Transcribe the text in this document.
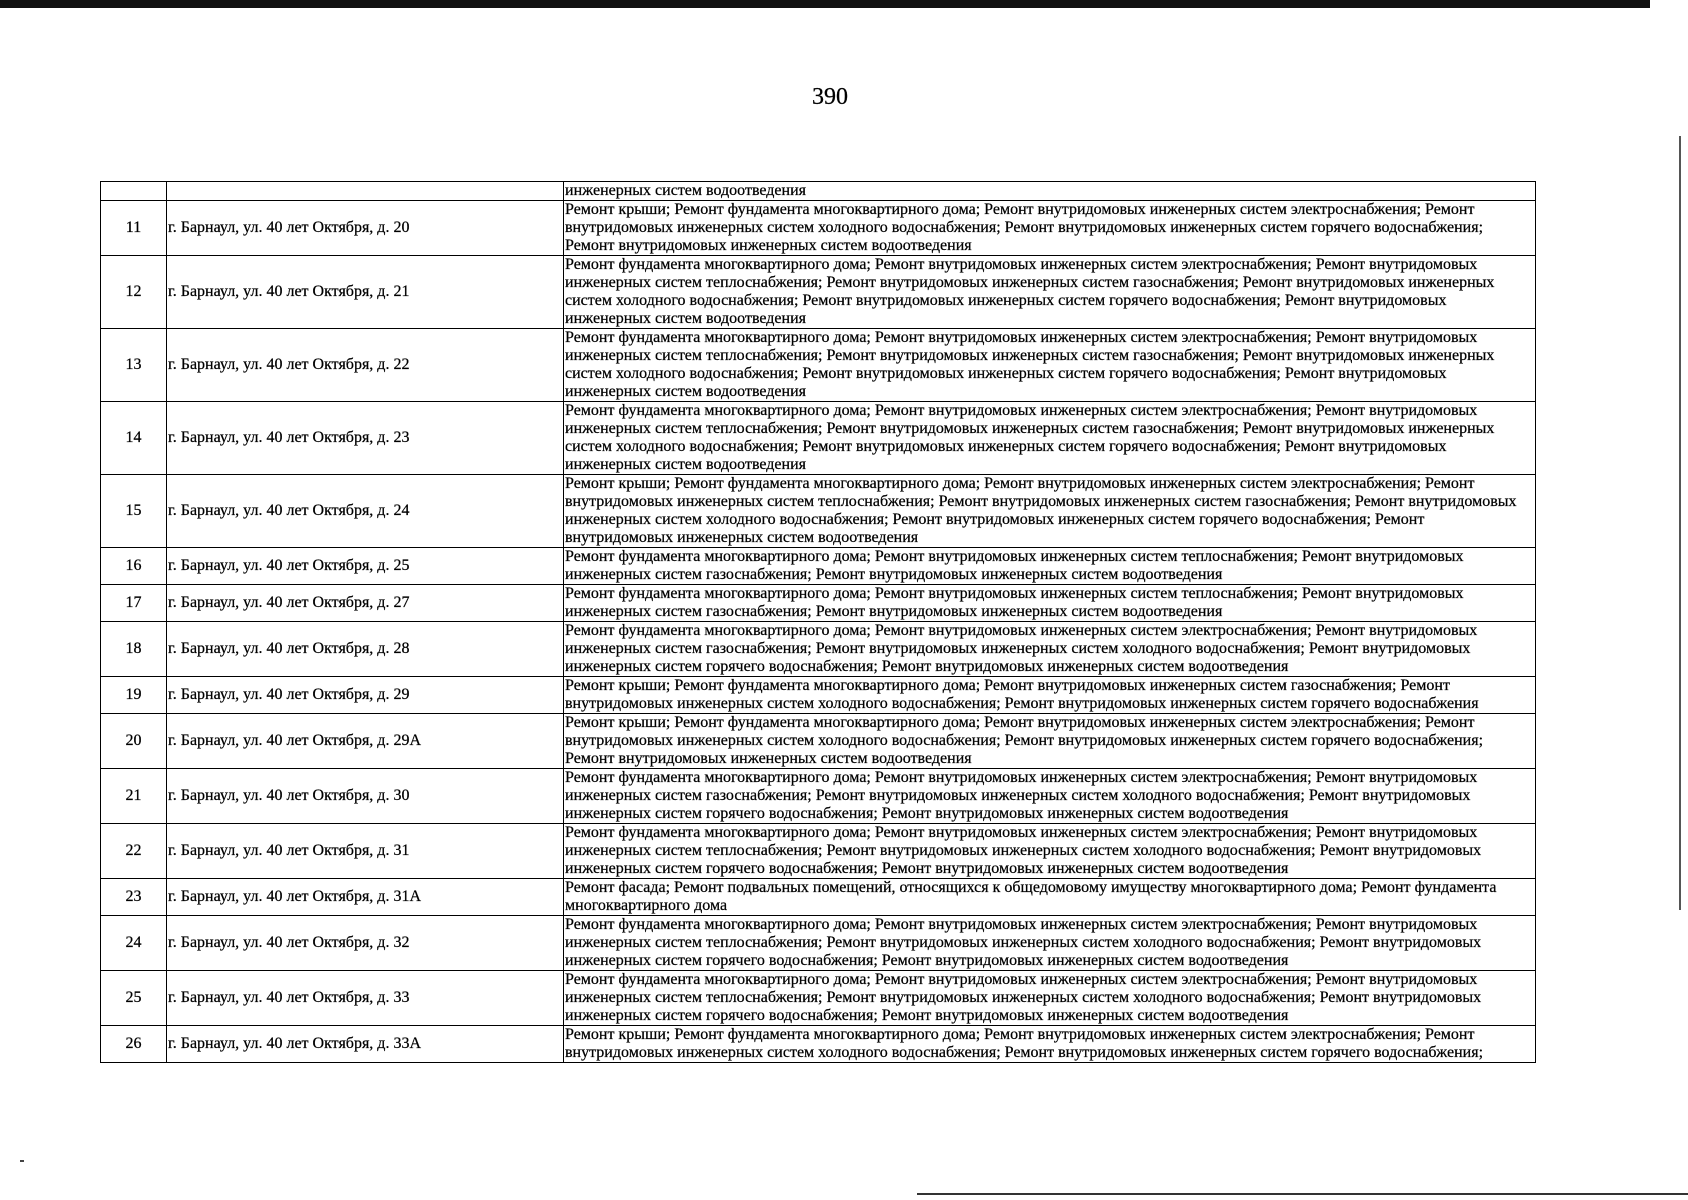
390

		инженерных систем водоотведения

11	г. Барнаул, ул. 40 лет Октября, д. 20	Ремонт крыши; Ремонт фундамента многоквартирного дома; Ремонт внутридомовых инженерных систем электроснабжения; Ремонт
внутридомовых инженерных систем холодного водоснабжения; Ремонт внутридомовых инженерных систем горячего водоснабжения;
Ремонт внутридомовых инженерных систем водоотведения

12	г. Барнаул, ул. 40 лет Октября, д. 21	Ремонт фундамента многоквартирного дома; Ремонт внутридомовых инженерных систем электроснабжения; Ремонт внутридомовых
инженерных систем теплоснабжения; Ремонт внутридомовых инженерных систем газоснабжения; Ремонт внутридомовых инженерных
систем холодного водоснабжения; Ремонт внутридомовых инженерных систем горячего водоснабжения; Ремонт внутридомовых
инженерных систем водоотведения

13	г. Барнаул, ул. 40 лет Октября, д. 22	Ремонт фундамента многоквартирного дома; Ремонт внутридомовых инженерных систем электроснабжения; Ремонт внутридомовых
инженерных систем теплоснабжения; Ремонт внутридомовых инженерных систем газоснабжения; Ремонт внутридомовых инженерных
систем холодного водоснабжения; Ремонт внутридомовых инженерных систем горячего водоснабжения; Ремонт внутридомовых
инженерных систем водоотведения

14	г. Барнаул, ул. 40 лет Октября, д. 23	Ремонт фундамента многоквартирного дома; Ремонт внутридомовых инженерных систем электроснабжения; Ремонт внутридомовых
инженерных систем теплоснабжения; Ремонт внутридомовых инженерных систем газоснабжения; Ремонт внутридомовых инженерных
систем холодного водоснабжения; Ремонт внутридомовых инженерных систем горячего водоснабжения; Ремонт внутридомовых
инженерных систем водоотведения

15	г. Барнаул, ул. 40 лет Октября, д. 24	Ремонт крыши; Ремонт фундамента многоквартирного дома; Ремонт внутридомовых инженерных систем электроснабжения; Ремонт
внутридомовых инженерных систем теплоснабжения; Ремонт внутридомовых инженерных систем газоснабжения; Ремонт внутридомовых
инженерных систем холодного водоснабжения; Ремонт внутридомовых инженерных систем горячего водоснабжения; Ремонт
внутридомовых инженерных систем водоотведения

16	г. Барнаул, ул. 40 лет Октября, д. 25	Ремонт фундамента многоквартирного дома; Ремонт внутридомовых инженерных систем теплоснабжения; Ремонт внутридомовых
инженерных систем газоснабжения; Ремонт внутридомовых инженерных систем водоотведения

17	г. Барнаул, ул. 40 лет Октября, д. 27	Ремонт фундамента многоквартирного дома; Ремонт внутридомовых инженерных систем теплоснабжения; Ремонт внутридомовых
инженерных систем газоснабжения; Ремонт внутридомовых инженерных систем водоотведения

18	г. Барнаул, ул. 40 лет Октября, д. 28	Ремонт фундамента многоквартирного дома; Ремонт внутридомовых инженерных систем электроснабжения; Ремонт внутридомовых
инженерных систем газоснабжения; Ремонт внутридомовых инженерных систем холодного водоснабжения; Ремонт внутридомовых
инженерных систем горячего водоснабжения; Ремонт внутридомовых инженерных систем водоотведения

19	г. Барнаул, ул. 40 лет Октября, д. 29	Ремонт крыши; Ремонт фундамента многоквартирного дома; Ремонт внутридомовых инженерных систем газоснабжения; Ремонт
внутридомовых инженерных систем холодного водоснабжения; Ремонт внутридомовых инженерных систем горячего водоснабжения

20	г. Барнаул, ул. 40 лет Октября, д. 29А	Ремонт крыши; Ремонт фундамента многоквартирного дома; Ремонт внутридомовых инженерных систем электроснабжения; Ремонт
внутридомовых инженерных систем холодного водоснабжения; Ремонт внутридомовых инженерных систем горячего водоснабжения;
Ремонт внутридомовых инженерных систем водоотведения

21	г. Барнаул, ул. 40 лет Октября, д. 30	Ремонт фундамента многоквартирного дома; Ремонт внутридомовых инженерных систем электроснабжения; Ремонт внутридомовых
инженерных систем газоснабжения; Ремонт внутридомовых инженерных систем холодного водоснабжения; Ремонт внутридомовых
инженерных систем горячего водоснабжения; Ремонт внутридомовых инженерных систем водоотведения

22	г. Барнаул, ул. 40 лет Октября, д. 31	Ремонт фундамента многоквартирного дома; Ремонт внутридомовых инженерных систем электроснабжения; Ремонт внутридомовых
инженерных систем теплоснабжения; Ремонт внутридомовых инженерных систем холодного водоснабжения; Ремонт внутридомовых
инженерных систем горячего водоснабжения; Ремонт внутридомовых инженерных систем водоотведения

23	г. Барнаул, ул. 40 лет Октября, д. 31А	Ремонт фасада; Ремонт подвальных помещений, относящихся к общедомовому имуществу многоквартирного дома; Ремонт фундамента
многоквартирного дома

24	г. Барнаул, ул. 40 лет Октября, д. 32	Ремонт фундамента многоквартирного дома; Ремонт внутридомовых инженерных систем электроснабжения; Ремонт внутридомовых
инженерных систем теплоснабжения; Ремонт внутридомовых инженерных систем холодного водоснабжения; Ремонт внутридомовых
инженерных систем горячего водоснабжения; Ремонт внутридомовых инженерных систем водоотведения

25	г. Барнаул, ул. 40 лет Октября, д. 33	Ремонт фундамента многоквартирного дома; Ремонт внутридомовых инженерных систем электроснабжения; Ремонт внутридомовых
инженерных систем теплоснабжения; Ремонт внутридомовых инженерных систем холодного водоснабжения; Ремонт внутридомовых
инженерных систем горячего водоснабжения; Ремонт внутридомовых инженерных систем водоотведения

26	г. Барнаул, ул. 40 лет Октября, д. 33А	Ремонт крыши; Ремонт фундамента многоквартирного дома; Ремонт внутридомовых инженерных систем электроснабжения; Ремонт
внутридомовых инженерных систем холодного водоснабжения; Ремонт внутридомовых инженерных систем горячего водоснабжения;
